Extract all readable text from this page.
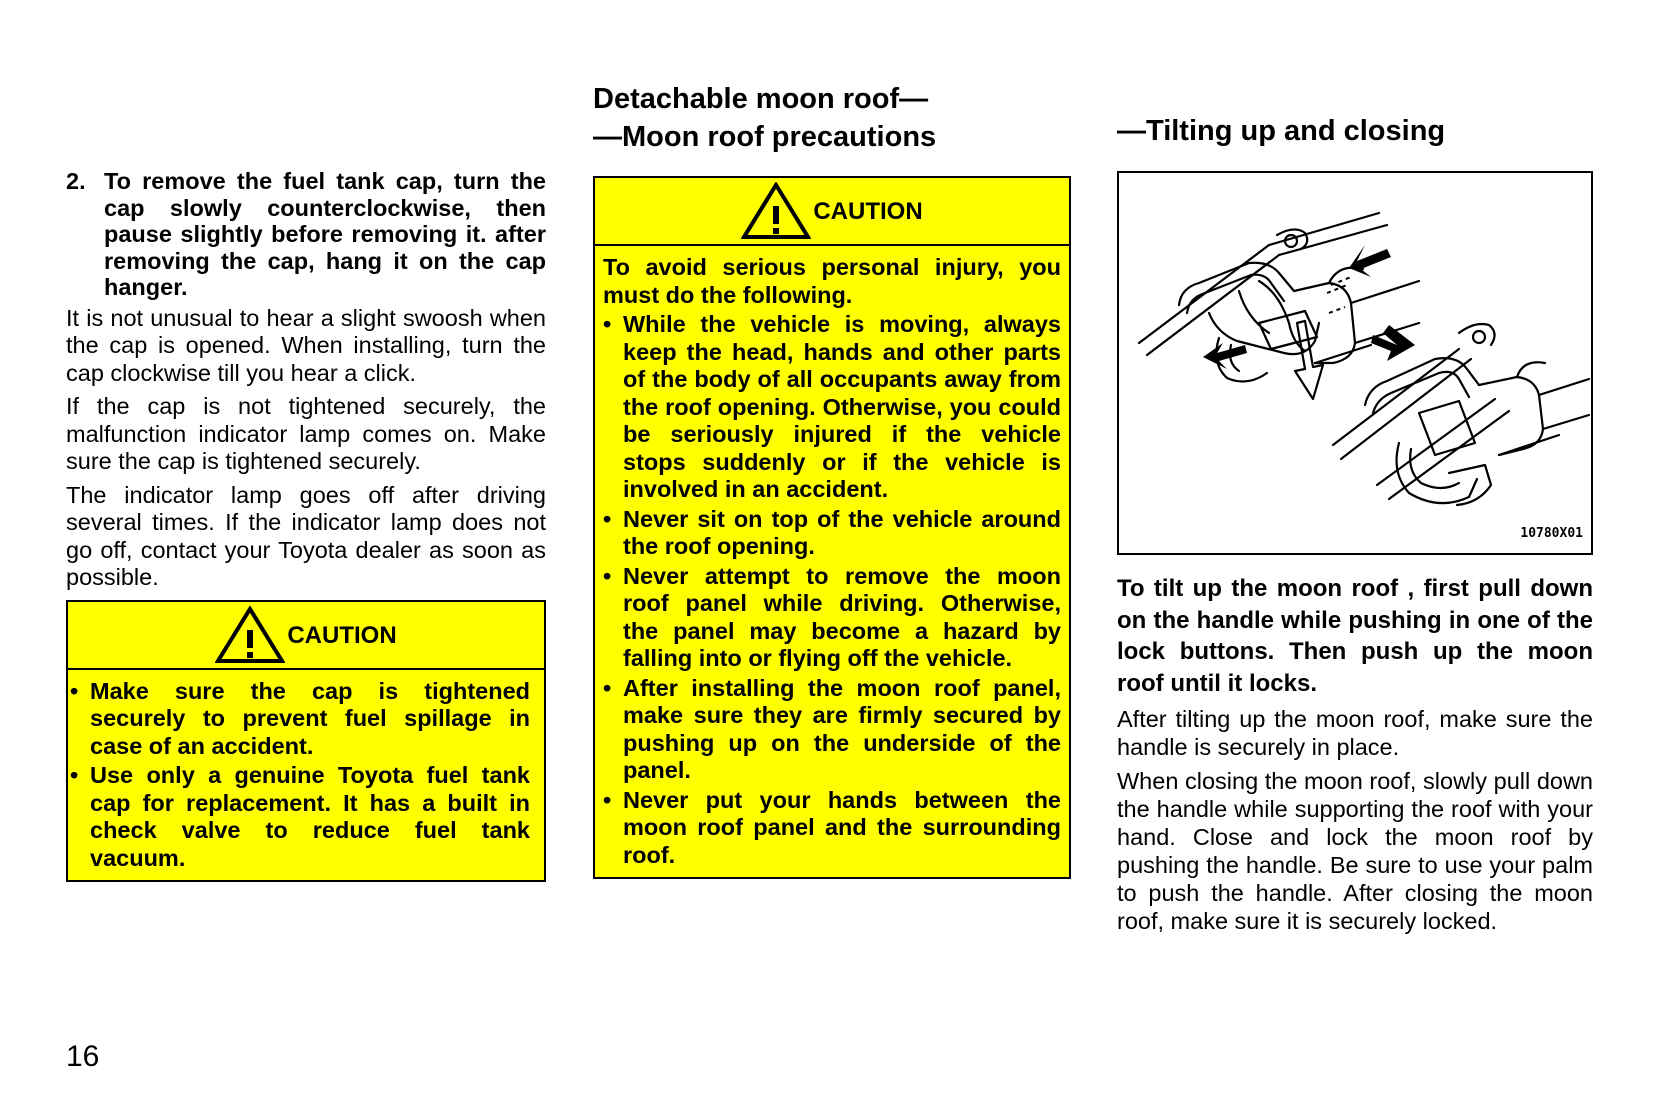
2. To remove the fuel tank cap, turn the cap slowly counterclockwise, then pause slightly before removing it. after removing the cap, hang it on the cap hanger.

It is not unusual to hear a slight swoosh when the cap is opened. When installing, turn the cap clockwise till you hear a click.

If the cap is not tightened securely, the malfunction indicator lamp comes on. Make sure the cap is tightened securely.

The indicator lamp goes off after driving several times. If the indicator lamp does not go off, contact your Toyota dealer as soon as possible.

CAUTION
• Make sure the cap is tightened securely to prevent fuel spillage in case of an accident.
• Use only a genuine Toyota fuel tank cap for replacement. It has a built in check valve to reduce fuel tank vacuum.
Detachable moon roof—
—Moon roof precautions
CAUTION
To avoid serious personal injury, you must do the following.
• While the vehicle is moving, always keep the head, hands and other parts of the body of all occupants away from the roof opening. Otherwise, you could be seriously injured if the vehicle stops suddenly or if the vehicle is involved in an accident.
• Never sit on top of the vehicle around the roof opening.
• Never attempt to remove the moon roof panel while driving. Otherwise, the panel may become a hazard by falling into or flying off the vehicle.
• After installing the moon roof panel, make sure they are firmly secured by pushing up on the underside of the panel.
• Never put your hands between the moon roof panel and the surrounding roof.
—Tilting up and closing
10780X01

To tilt up the moon roof , first pull down on the handle while pushing in one of the lock buttons. Then push up the moon roof until it locks.

After tilting up the moon roof, make sure the handle is securely in place.

When closing the moon roof, slowly pull down the handle while supporting the roof with your hand. Close and lock the moon roof by pushing the handle. Be sure to use your palm to push the handle. After closing the moon roof, make sure it is securely locked.

16
